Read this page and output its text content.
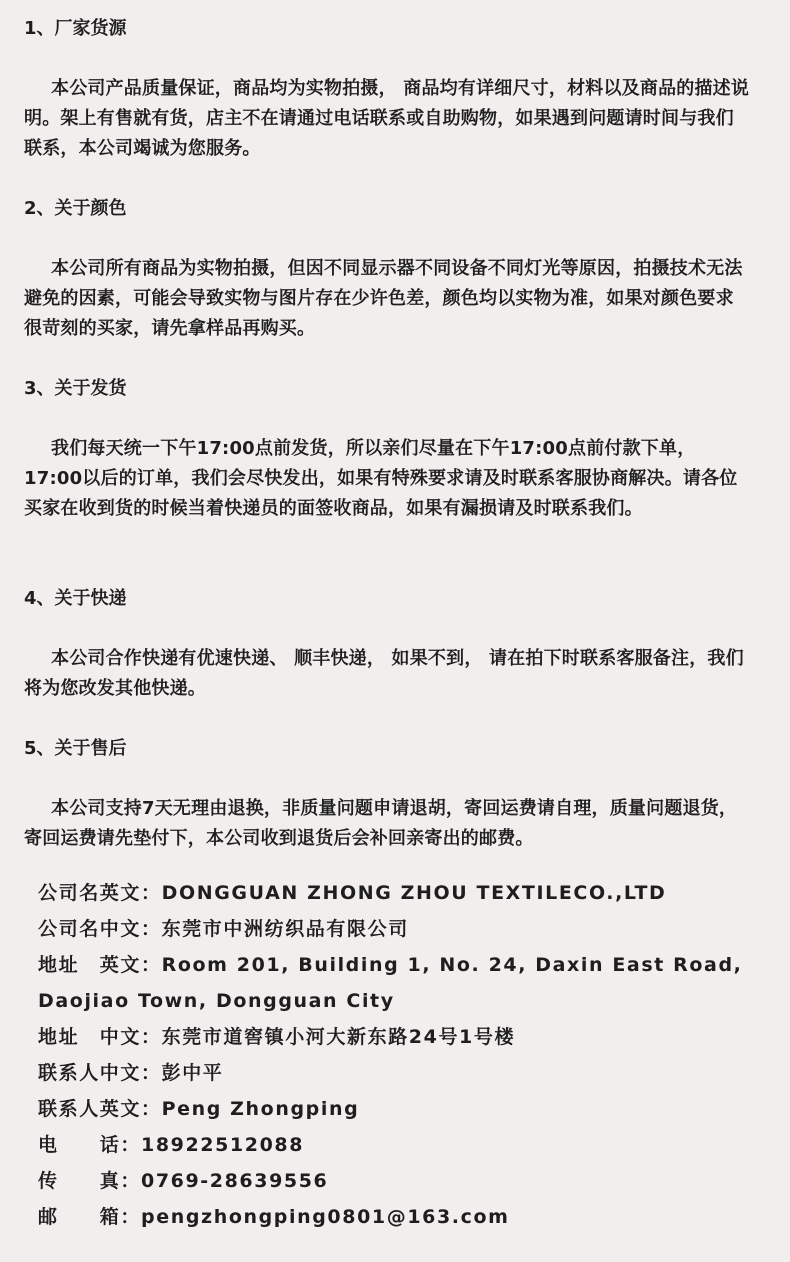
1、厂家货源

本公司产品质量保证，商品均为实物拍摄， 商品均有详细尺寸，材料以及商品的描述说明。架上有售就有货，店主不在请通过电话联系或自助购物，如果遇到问题请时间与我们联系，本公司竭诚为您服务。

2、关于颜色

本公司所有商品为实物拍摄，但因不同显示器不同设备不同灯光等原因，拍摄技术无法避免的因素，可能会导致实物与图片存在少许色差，颜色均以实物为准，如果对颜色要求很苛刻的买家，请先拿样品再购买。

3、关于发货

我们每天统一下午17:00点前发货，所以亲们尽量在下午17:00点前付款下单，17:00以后的订单，我们会尽快发出，如果有特殊要求请及时联系客服协商解决。请各位买家在收到货的时候当着快递员的面签收商品，如果有漏损请及时联系我们。

4、关于快递

本公司合作快递有优速快递、 顺丰快递， 如果不到， 请在拍下时联系客服备注，我们将为您改发其他快递。

5、关于售后

本公司支持7天无理由退换，非质量问题申请退胡，寄回运费请自理，质量问题退货，寄回运费请先垫付下，本公司收到退货后会补回亲寄出的邮费。

公司名英文：DONGGUAN ZHONG ZHOU TEXTILECO.,LTD
公司名中文：东莞市中洲纺织品有限公司
地址　英文：Room 201, Building 1, No. 24, Daxin East Road, Daojiao Town, Dongguan City
地址　中文：东莞市道窖镇小河大新东路24号1号楼
联系人中文：彭中平
联系人英文：Peng Zhongping
电　　话：18922512088
传　　真：0769-28639556
邮　　箱：pengzhongping0801@163.com
